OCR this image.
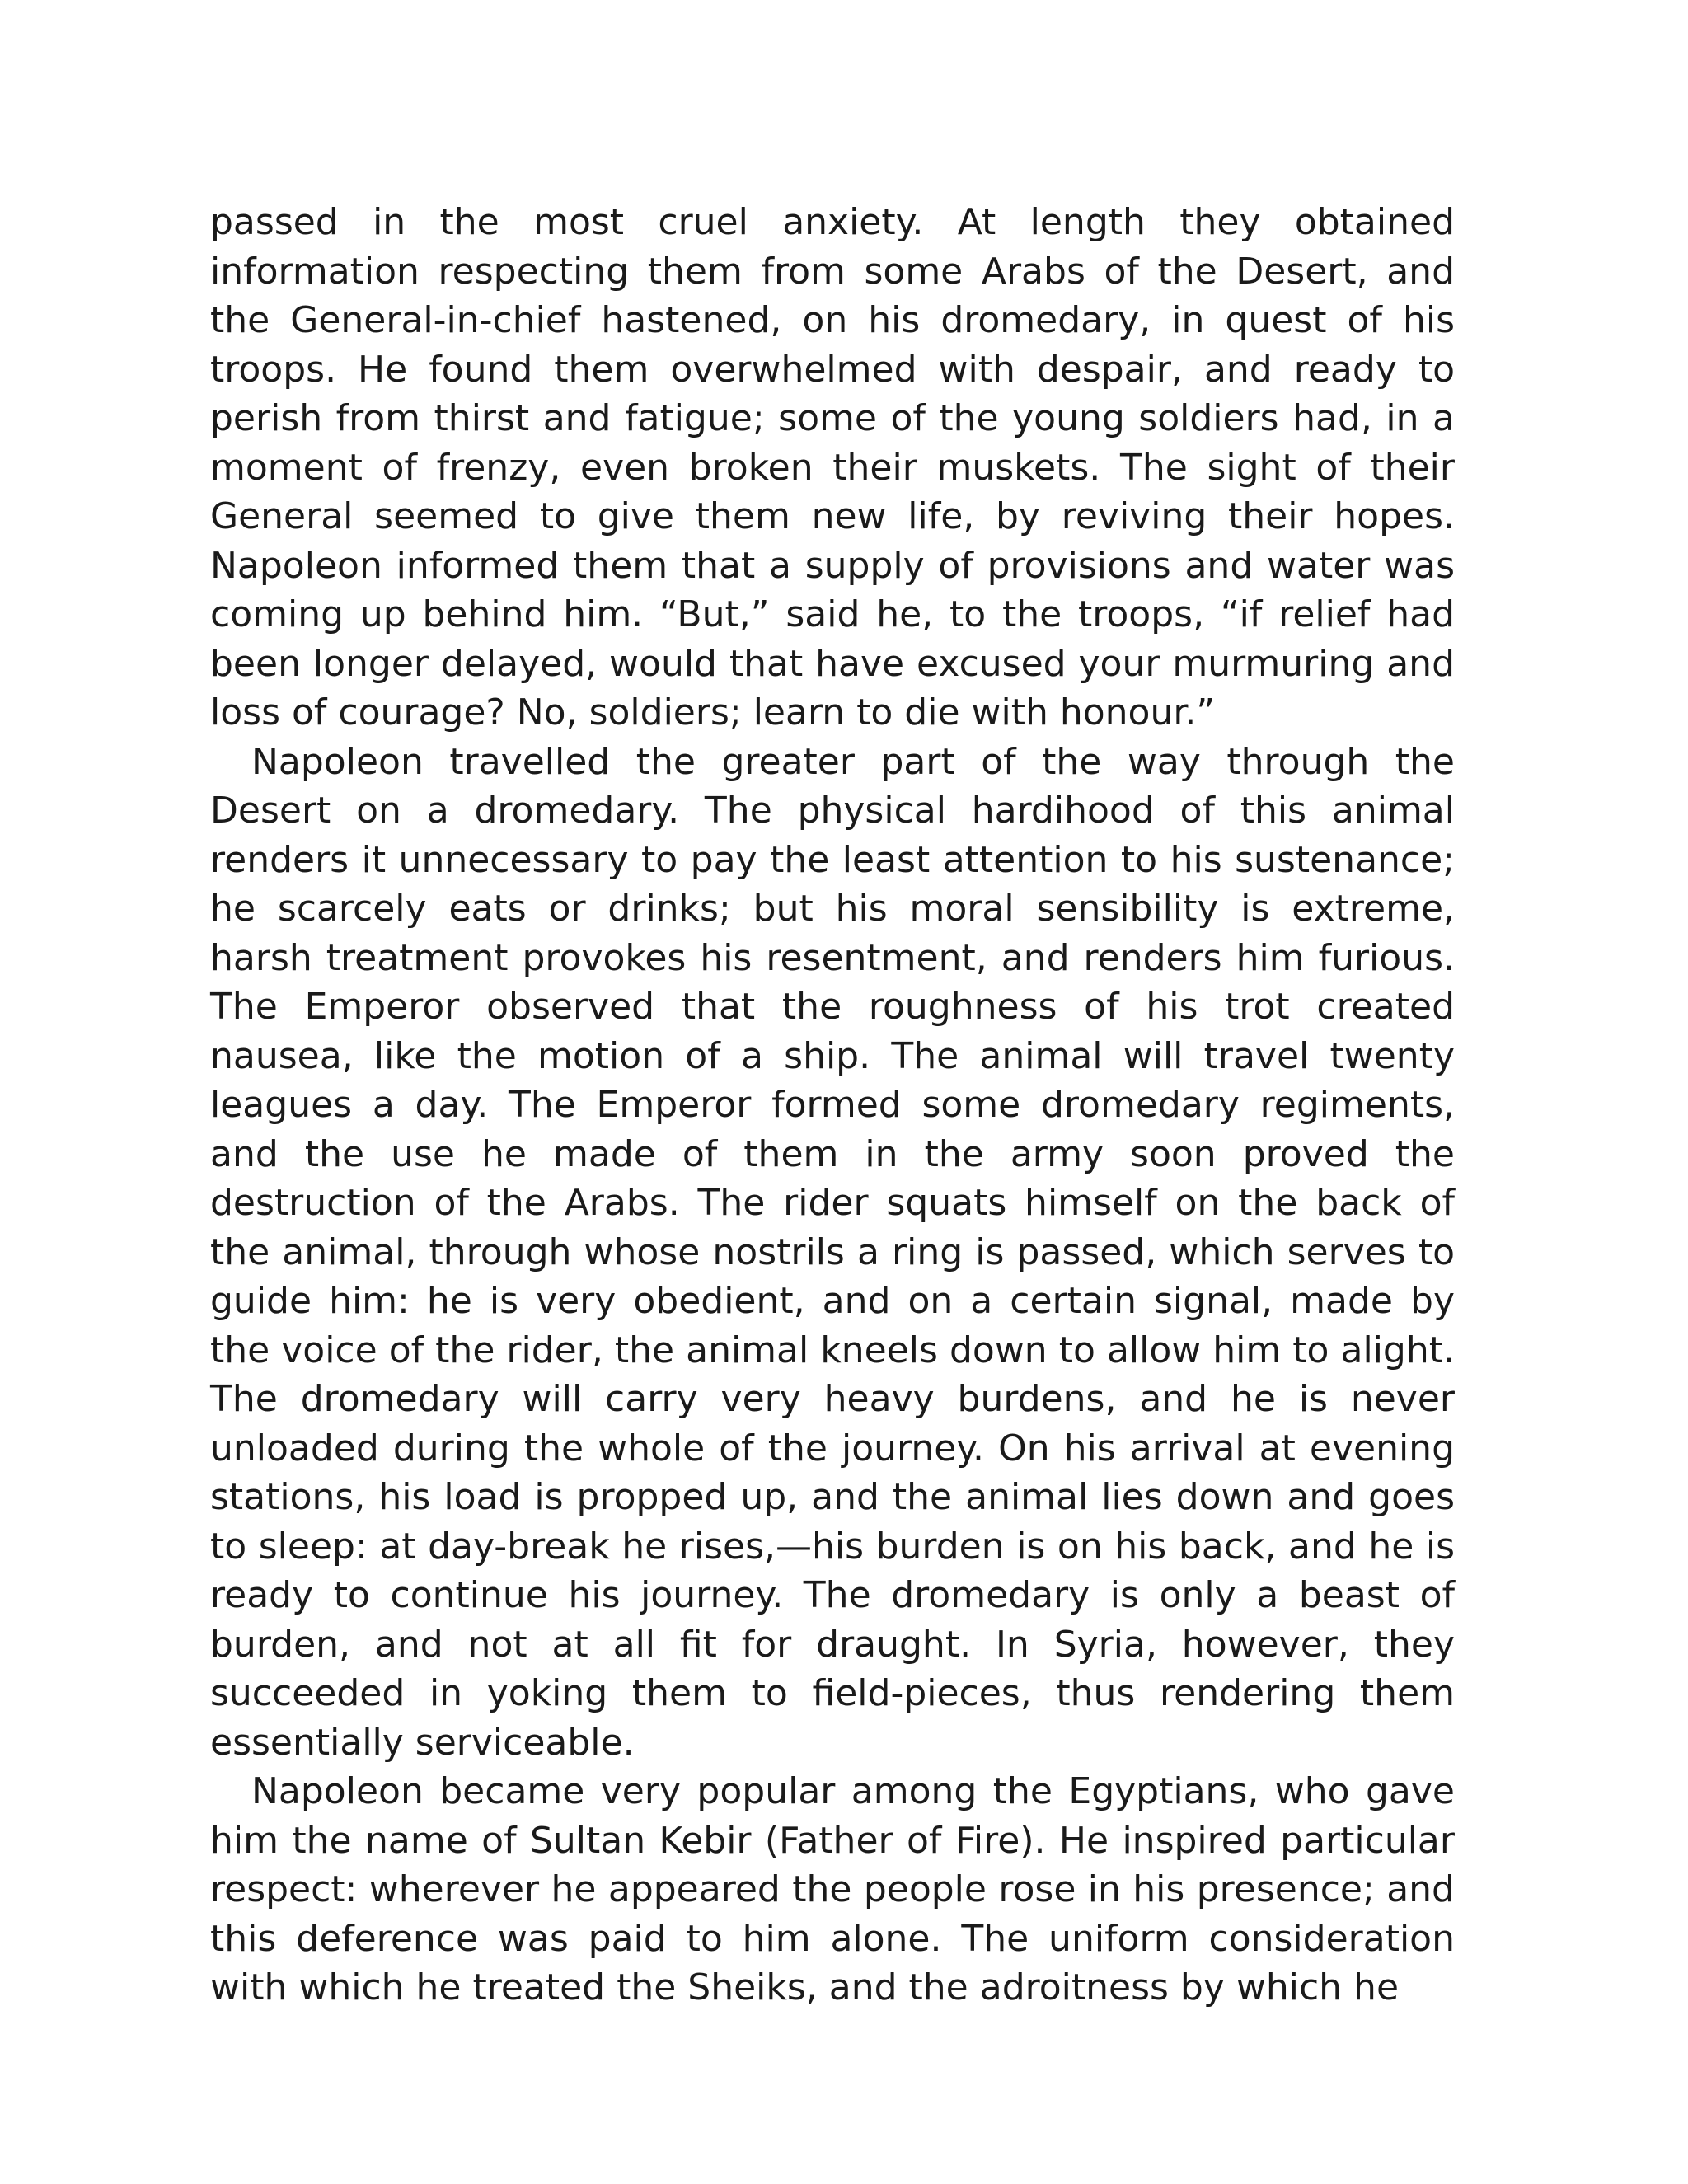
passed in the most cruel anxiety. At length they obtained information respecting them from some Arabs of the Desert, and the General-in-chief hastened, on his dromedary, in quest of his troops. He found them overwhelmed with despair, and ready to perish from thirst and fatigue; some of the young soldiers had, in a moment of frenzy, even broken their muskets. The sight of their General seemed to give them new life, by reviving their hopes. Napoleon informed them that a supply of provisions and water was coming up behind him. “But,” said he, to the troops, “if relief had been longer delayed, would that have excused your murmuring and loss of courage? No, soldiers; learn to die with honour.”

Napoleon travelled the greater part of the way through the Desert on a dromedary. The physical hardihood of this animal renders it unnecessary to pay the least attention to his sustenance; he scarcely eats or drinks; but his moral sensibility is extreme, harsh treatment provokes his resentment, and renders him furious. The Emperor observed that the roughness of his trot created nausea, like the motion of a ship. The animal will travel twenty leagues a day. The Emperor formed some dromedary regiments, and the use he made of them in the army soon proved the destruction of the Arabs. The rider squats himself on the back of the animal, through whose nostrils a ring is passed, which serves to guide him: he is very obedient, and on a certain signal, made by the voice of the rider, the animal kneels down to allow him to alight. The dromedary will carry very heavy burdens, and he is never unloaded during the whole of the journey. On his arrival at evening stations, his load is propped up, and the animal lies down and goes to sleep: at day-break he rises,—his burden is on his back, and he is ready to continue his journey. The dromedary is only a beast of burden, and not at all fit for draught. In Syria, however, they succeeded in yoking them to field-pieces, thus rendering them essentially serviceable.

Napoleon became very popular among the Egyptians, who gave him the name of Sultan Kebir (Father of Fire). He inspired particular respect: wherever he appeared the people rose in his presence; and this deference was paid to him alone. The uniform consideration with which he treated the Sheiks, and the adroitness by which he
